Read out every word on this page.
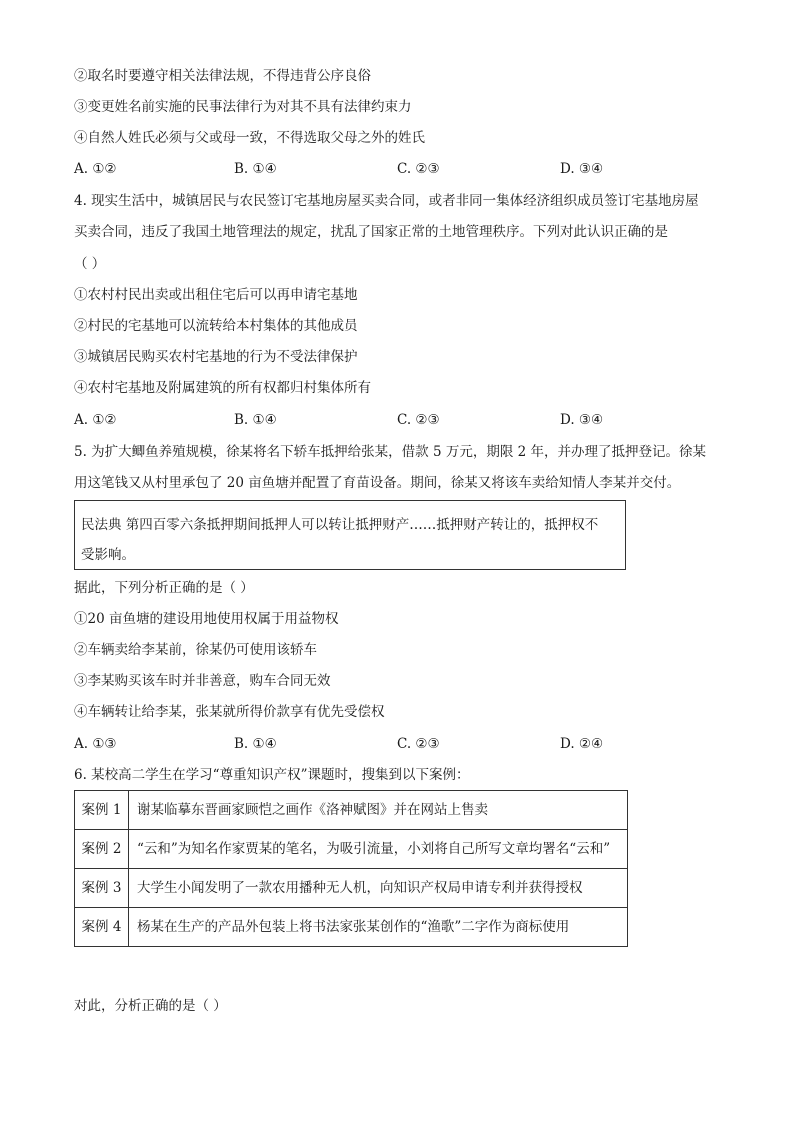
②取名时要遵守相关法律法规，不得违背公序良俗
③变更姓名前实施的民事法律行为对其不具有法律约束力
④自然人姓氏必须与父或母一致，不得选取父母之外的姓氏
A. ①②	B. ①④	C. ②③	D. ③④
4. 现实生活中，城镇居民与农民签订宅基地房屋买卖合同，或者非同一集体经济组织成员签订宅基地房屋
买卖合同，违反了我国土地管理法的规定，扰乱了国家正常的土地管理秩序。下列对此认识正确的是
（ ）
①农村村民出卖或出租住宅后可以再申请宅基地
②村民的宅基地可以流转给本村集体的其他成员
③城镇居民购买农村宅基地的行为不受法律保护
④农村宅基地及附属建筑的所有权都归村集体所有
A. ①②	B. ①④	C. ②③	D. ③④
5. 为扩大鲫鱼养殖规模，徐某将名下轿车抵押给张某，借款 5 万元，期限 2 年，并办理了抵押登记。徐某
用这笔钱又从村里承包了 20 亩鱼塘并配置了育苗设备。期间，徐某又将该车卖给知情人李某并交付。
民法典 第四百零六条抵押期间抵押人可以转让抵押财产……抵押财产转让的，抵押权不
受影响。
据此，下列分析正确的是（ ）
①20 亩鱼塘的建设用地使用权属于用益物权
②车辆卖给李某前，徐某仍可使用该轿车
③李某购买该车时并非善意，购车合同无效
④车辆转让给李某，张某就所得价款享有优先受偿权
A. ①③	B. ①④	C. ②③	D. ②④
6. 某校高二学生在学习“尊重知识产权”课题时，搜集到以下案例：
案例 1	谢某临摹东晋画家顾恺之画作《洛神赋图》并在网站上售卖
案例 2	“云和”为知名作家贾某的笔名，为吸引流量，小刘将自己所写文章均署名“云和”
案例 3	大学生小闻发明了一款农用播种无人机，向知识产权局申请专利并获得授权
案例 4	杨某在生产的产品外包装上将书法家张某创作的“渔歌”二字作为商标使用
对此，分析正确的是（ ）
